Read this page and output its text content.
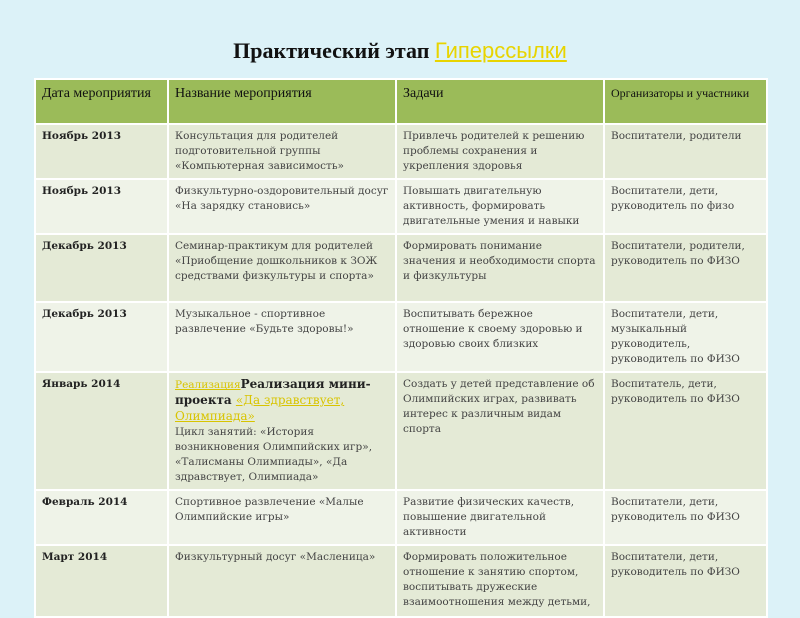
Практический этап Гиперссылки
Дата мероприятия	Название мероприятия	Задачи	Организаторы и участники
Ноябрь 2013	Консультация для родителей подготовительной группы «Компьютерная зависимость»	Привлечь родителей к решению проблемы сохранения и укрепления здоровья	Воспитатели, родители
Ноябрь 2013	Физкультурно-оздоровительный досуг «На зарядку становись»	Повышать двигательную активность, формировать двигательные умения и навыки	Воспитатели, дети, руководитель по физо
Декабрь 2013	Семинар-практикум для родителей «Приобщение дошкольников к ЗОЖ средствами физкультуры и спорта»	Формировать понимание значения и необходимости спорта и физкультуры	Воспитатели, родители, руководитель по ФИЗО
Декабрь 2013	Музыкальное - спортивное развлечение «Будьте здоровы!»	Воспитывать бережное отношение к своему здоровью и здоровью своих близких	Воспитатели, дети, музыкальный руководитель, руководитель по ФИЗО
Январь 2014	РеализацияРеализация мини-проекта «Да здравствует, Олимпиада»
Цикл занятий: «История возникновения Олимпийских игр», «Талисманы Олимпиады», «Да здравствует, Олимпиада»	Создать у детей представление об Олимпийских играх, развивать интерес к различным видам спорта	Воспитатель, дети, руководитель по ФИЗО
Февраль 2014	Спортивное развлечение «Малые Олимпийские игры»	Развитие физических качеств, повышение двигательной активности	Воспитатели, дети, руководитель по ФИЗО
Март 2014	Физкультурный досуг «Масленица»	Формировать положительное отношение к занятию спортом, воспитывать дружеские взаимоотношения между детьми,	Воспитатели, дети, руководитель по ФИЗО
